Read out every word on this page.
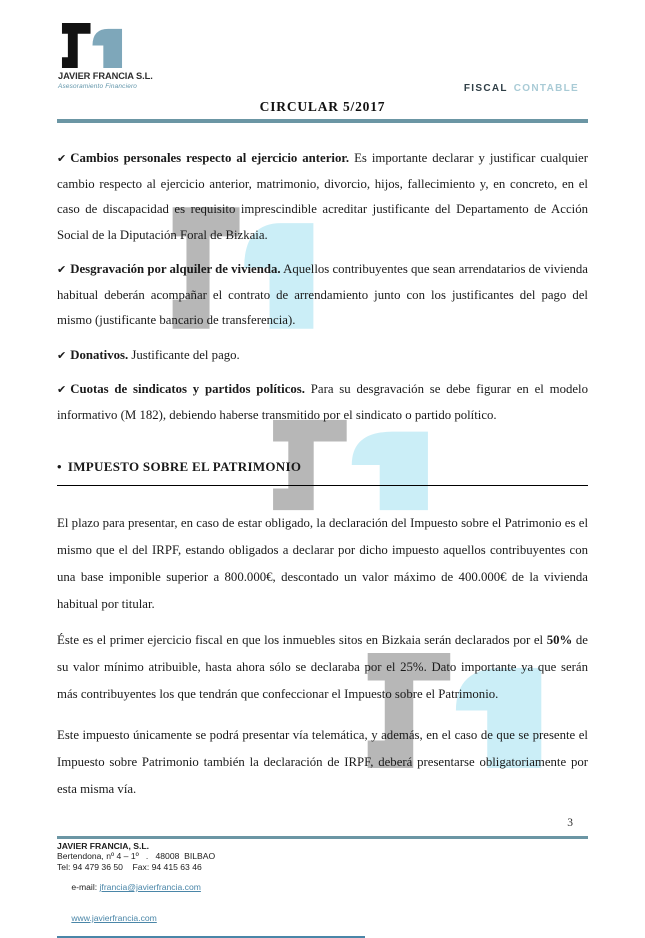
JAVIER FRANCIA S.L.
Asesoramiento Financiero	FISCAL CONTABLE
CIRCULAR 5/2017

✔ Cambios personales respecto al ejercicio anterior. Es importante declarar y justificar cualquier cambio respecto al ejercicio anterior, matrimonio, divorcio, hijos, fallecimiento y, en concreto, en el caso de discapacidad es requisito imprescindible acreditar justificante del Departamento de Acción Social de la Diputación Foral de Bizkaia.

✔ Desgravación por alquiler de vivienda. Aquellos contribuyentes que sean arrendatarios de vivienda habitual deberán acompañar el contrato de arrendamiento junto con los justificantes del pago del mismo (justificante bancario de transferencia).

✔ Donativos. Justificante del pago.

✔ Cuotas de sindicatos y partidos políticos. Para su desgravación se debe figurar en el modelo informativo (M 182), debiendo haberse transmitido por el sindicato o partido político.

• IMPUESTO SOBRE EL PATRIMONIO

El plazo para presentar, en caso de estar obligado, la declaración del Impuesto sobre el Patrimonio es el mismo que el del IRPF, estando obligados a declarar por dicho impuesto aquellos contribuyentes con una base imponible superior a 800.000€, descontado un valor máximo de 400.000€ de la vivienda habitual por titular.

Éste es el primer ejercicio fiscal en que los inmuebles sitos en Bizkaia serán declarados por el 50% de su valor mínimo atribuible, hasta ahora sólo se declaraba por el 25%. Dato importante ya que serán más contribuyentes los que tendrán que confeccionar el Impuesto sobre el Patrimonio.

Este impuesto únicamente se podrá presentar vía telemática, y además, en el caso de que se presente el Impuesto sobre Patrimonio también la declaración de IRPF, deberá presentarse obligatoriamente por esta misma vía.

3
JAVIER FRANCIA, S.L.
Bertendona, nº 4 – 1º   .   48008  BILBAO
Tel: 94 479 36 50    Fax: 94 415 63 46

e-mail: jfrancia@javierfrancia.com

www.javierfrancia.com
